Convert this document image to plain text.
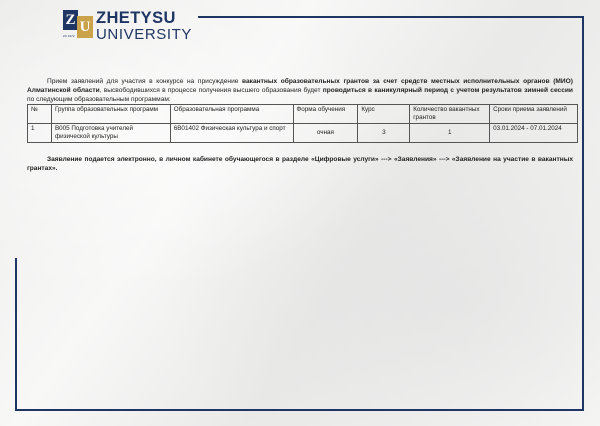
Z U
ZU 1972
ZHETYSU
UNIVERSITY

Прием заявлений для участия в конкурсе на присуждение вакантных образовательных грантов за счет средств местных исполнительных органов (МИО) Алматинской области, высвободившихся в процессе получения высшего образования будет проводиться в каникулярный период с учетом результатов зимней сессии по следующим образовательным программам:

№	Группа образовательных программ	Образовательная программа	Форма обучения	Курс	Количество вакантных грантов	Сроки приема заявлений
1	B005 Подготовка учителей физической культуры	6B01402 Физическая культура и спорт	очная	3	1	03.01.2024 - 07.01.2024

Заявление подается электронно, в личном кабинете обучающегося в разделе «Цифровые услуги» ---> «Заявления» ---> «Заявление на участие в вакантных грантах».
